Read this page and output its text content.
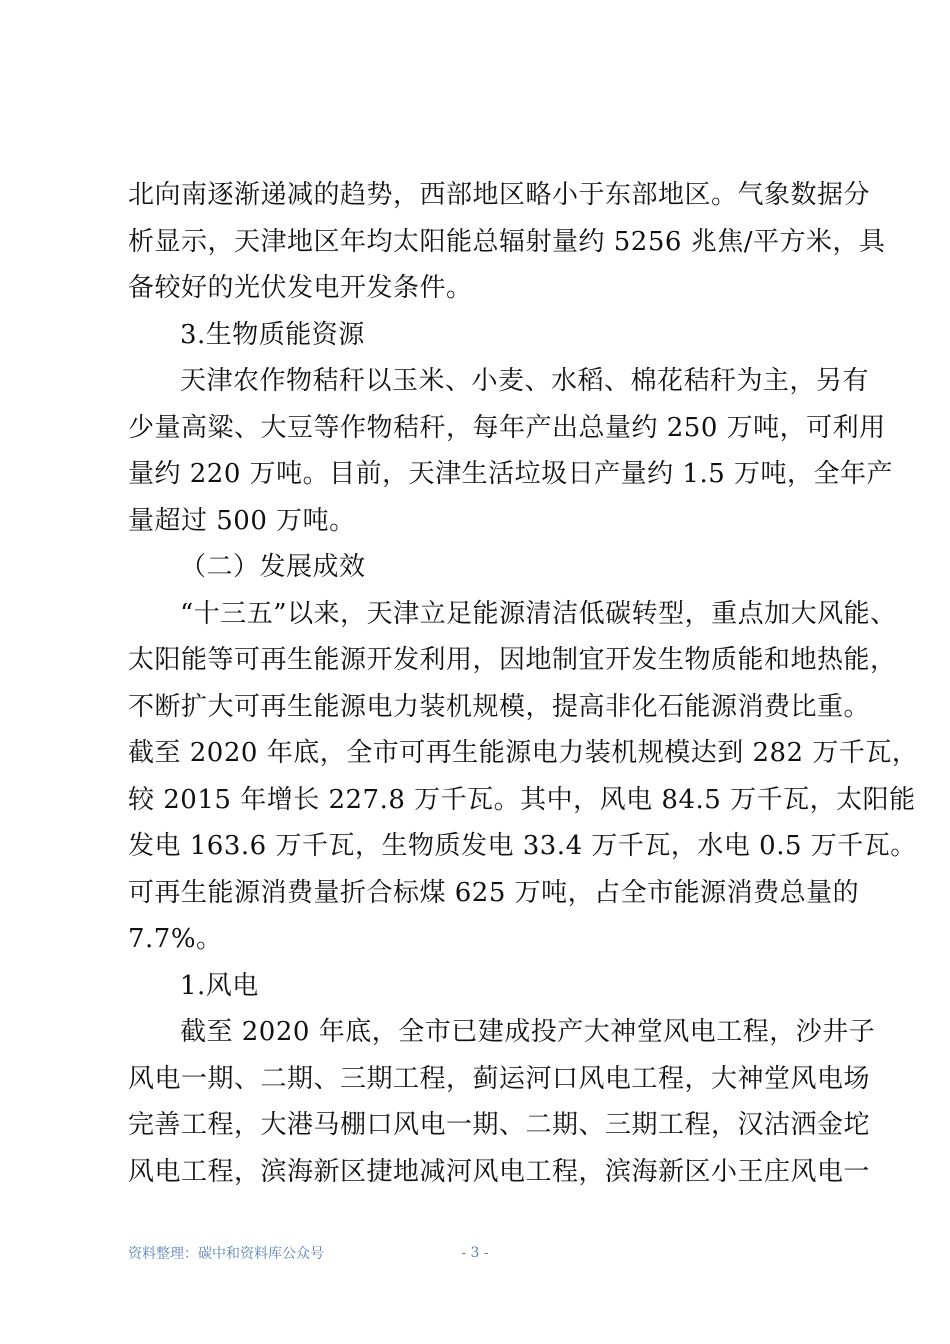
北向南逐渐递减的趋势，西部地区略小于东部地区。气象数据分
析显示，天津地区年均太阳能总辐射量约 5256 兆焦/平方米，具
备较好的光伏发电开发条件。
3.生物质能资源
天津农作物秸秆以玉米、小麦、水稻、棉花秸秆为主，另有
少量高粱、大豆等作物秸秆，每年产出总量约 250 万吨，可利用
量约 220 万吨。目前，天津生活垃圾日产量约 1.5 万吨，全年产
量超过 500 万吨。
（二）发展成效
“十三五”以来，天津立足能源清洁低碳转型，重点加大风能、
太阳能等可再生能源开发利用，因地制宜开发生物质能和地热能，
不断扩大可再生能源电力装机规模，提高非化石能源消费比重。
截至 2020 年底，全市可再生能源电力装机规模达到 282 万千瓦，
较 2015 年增长 227.8 万千瓦。其中，风电 84.5 万千瓦，太阳能
发电 163.6 万千瓦，生物质发电 33.4 万千瓦，水电 0.5 万千瓦。
可再生能源消费量折合标煤 625 万吨，占全市能源消费总量的
7.7%。
1.风电
截至 2020 年底，全市已建成投产大神堂风电工程，沙井子
风电一期、二期、三期工程，蓟运河口风电工程，大神堂风电场
完善工程，大港马棚口风电一期、二期、三期工程，汉沽洒金坨
风电工程，滨海新区捷地减河风电工程，滨海新区小王庄风电一
资料整理：碳中和资料库公众号	- 3 -
